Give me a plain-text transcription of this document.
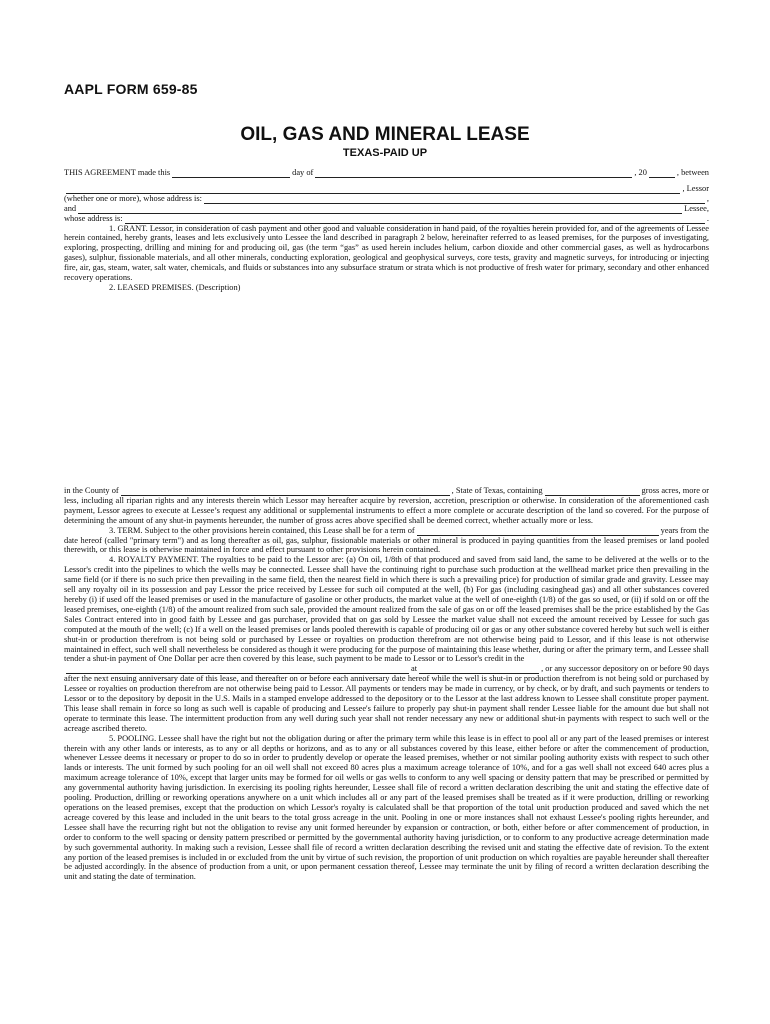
AAPL FORM 659-85
OIL, GAS AND MINERAL LEASE
TEXAS-PAID UP
THIS AGREEMENT made this	day of	, 20	, between
, Lessor
(whether one or more), whose address is:	,
and	Lessee,
whose address is:	.

1. GRANT. Lessor, in consideration of cash payment and other good and valuable consideration in hand paid, of the royalties herein provided for, and of the agreements of Lessee herein contained, hereby grants, leases and lets exclusively unto Lessee the land described in paragraph 2 below, hereinafter referred to as leased premises, for the purposes of investigating, exploring, prospecting, drilling and mining for and producing oil, gas (the term “gas” as used herein includes helium, carbon dioxide and other commercial gases, as well as hydrocarbons gases), sulphur, fissionable materials, and all other minerals, conducting exploration, geological and geophysical surveys, core tests, gravity and magnetic surveys, for introducing or injecting fire, air, gas, steam, water, salt water, chemicals, and fluids or substances into any subsurface stratum or strata which is not productive of fresh water for primary, secondary and other enhanced recovery operations.

2. LEASED PREMISES. (Description)

in the County of	, State of Texas, containing	gross acres, more or

less, including all riparian rights and any interests therein which Lessor may hereafter acquire by reversion, accretion, prescription or otherwise. In consideration of the aforementioned cash payment, Lessor agrees to execute at Lessee’s request any additional or supplemental instruments to effect a more complete or accurate description of the land so covered. For the purpose of determining the amount of any shut-in payments hereunder, the number of gross acres above specified shall be deemed correct, whether actually more or less.

3. TERM. Subject to the other provisions herein contained, this Lease shall be for a term of	years from the

date hereof (called "primary term") and as long thereafter as oil, gas, sulphur, fissionable materials or other mineral is produced in paying quantities from the leased premises or land pooled therewith, or this lease is otherwise maintained in force and effect pursuant to other provisions herein contained.

4. ROYALTY PAYMENT. The royalties to be paid to the Lessor are: (a) On oil, 1/8th of that produced and saved from said land, the same to be delivered at the wells or to the Lessor's credit into the pipelines to which the wells may be connected. Lessee shall have the continuing right to purchase such production at the wellhead market price then prevailing in the same field (or if there is no such price then prevailing in the same field, then the nearest field in which there is such a prevailing price) for production of similar grade and gravity. Lessee may sell any royalty oil in its possession and pay Lessor the price received by Lessee for such oil computed at the well, (b) For gas (including casinghead gas) and all other substances covered hereby (i) if used off the leased premises or used in the manufacture of gasoline or other products, the market value at the well of one-eighth (1/8) of the gas so used, or (ii) if sold on or off the leased premises, one-eighth (1/8) of the amount realized from such sale, provided the amount realized from the sale of gas on or off the leased premises shall be the price established by the Gas Sales Contract entered into in good faith by Lessee and gas purchaser, provided that on gas sold by Lessee the market value shall not exceed the amount received by Lessee for such gas computed at the mouth of the well; (c) If a well on the leased premises or lands pooled therewith is capable of producing oil or gas or any other substance covered hereby but such well is either shut-in or production therefrom is not being sold or purchased by Lessee or royalties on production therefrom are not otherwise being paid to Lessor, and if this lease is not otherwise maintained in effect, such well shall nevertheless be considered as though it were producing for the purpose of maintaining this lease whether, during or after the primary term, and Lessee shall tender a shut-in payment of One Dollar per acre then covered by this lease, such payment to be made to Lessor or to Lessor's credit in the

at	, or any successor depository on or before 90 days

after the next ensuing anniversary date of this lease, and thereafter on or before each anniversary date hereof while the well is shut-in or production therefrom is not being sold or purchased by Lessee or royalties on production therefrom are not otherwise being paid to Lessor. All payments or tenders may be made in currency, or by check, or by draft, and such payments or tenders to Lessor or to the depository by deposit in the U.S. Mails in a stamped envelope addressed to the depository or to the Lessor at the last address known to Lessee shall constitute proper payment. This lease shall remain in force so long as such well is capable of producing and Lessee's failure to properly pay shut-in payment shall render Lessee liable for the amount due but shall not operate to terminate this lease. The intermittent production from any well during such year shall not render necessary any new or additional shut-in payments with respect to such well or the acreage ascribed thereto.

5. POOLING. Lessee shall have the right but not the obligation during or after the primary term while this lease is in effect to pool all or any part of the leased premises or interest therein with any other lands or interests, as to any or all depths or horizons, and as to any or all substances covered by this lease, either before or after the commencement of production, whenever Lessee deems it necessary or proper to do so in order to prudently develop or operate the leased premises, whether or not similar pooling authority exists with respect to such other lands or interests. The unit formed by such pooling for an oil well shall not exceed 80 acres plus a maximum acreage tolerance of 10%, and for a gas well shall not exceed 640 acres plus a maximum acreage tolerance of 10%, except that larger units may be formed for oil wells or gas wells to conform to any well spacing or density pattern that may be prescribed or permitted by any governmental authority having jurisdiction. In exercising its pooling rights hereunder, Lessee shall file of record a written declaration describing the unit and stating the effective date of pooling. Production, drilling or reworking operations anywhere on a unit which includes all or any part of the leased premises shall be treated as if it were production, drilling or reworking operations on the leased premises, except that the production on which Lessor's royalty is calculated shall be that proportion of the total unit production produced and saved which the net acreage covered by this lease and included in the unit bears to the total gross acreage in the unit. Pooling in one or more instances shall not exhaust Lessee's pooling rights hereunder, and Lessee shall have the recurring right but not the obligation to revise any unit formed hereunder by expansion or contraction, or both, either before or after commencement of production, in order to conform to the well spacing or density pattern prescribed or permitted by the governmental authority having jurisdiction, or to conform to any productive acreage determination made by such governmental authority. In making such a revision, Lessee shall file of record a written declaration describing the revised unit and stating the effective date of revision. To the extent any portion of the leased premises is included in or excluded from the unit by virtue of such revision, the proportion of unit production on which royalties are payable hereunder shall thereafter be adjusted accordingly. In the absence of production from a unit, or upon permanent cessation thereof, Lessee may terminate the unit by filing of record a written declaration describing the unit and stating the date of termination.
